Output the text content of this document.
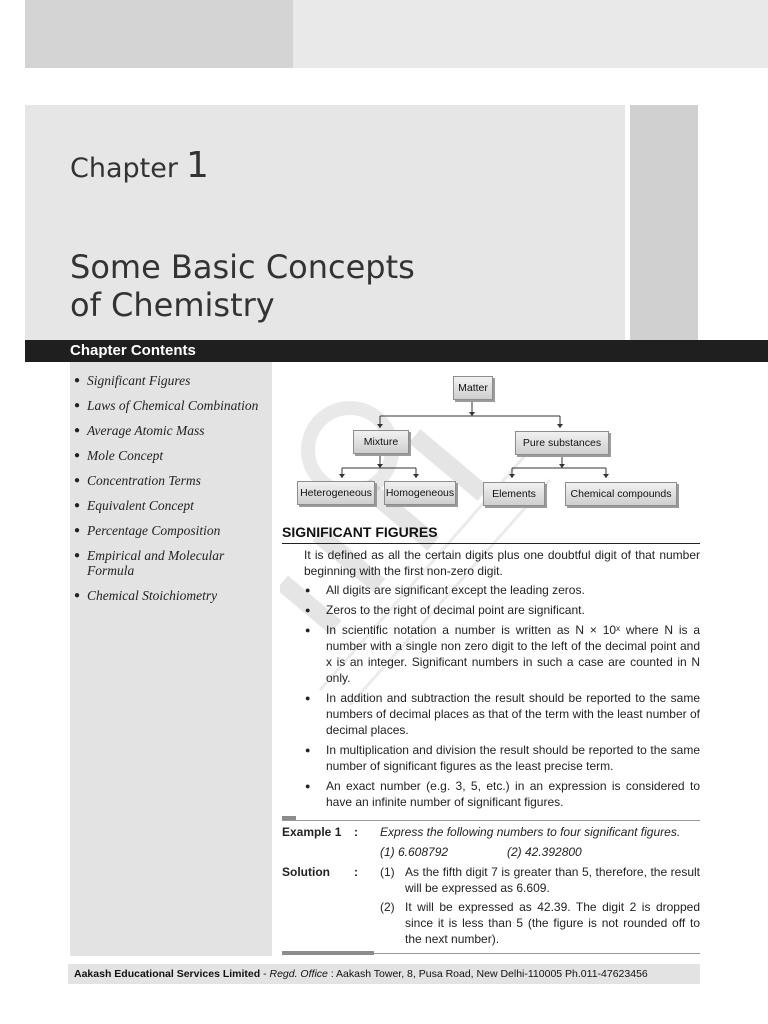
Chapter 1
Some Basic Concepts
of Chemistry
Chapter Contents
● Significant Figures
● Laws of Chemical Combination
● Average Atomic Mass
● Mole Concept
● Concentration Terms
● Equivalent Concept
● Percentage Composition
● Empirical and Molecular Formula
● Chemical Stoichiometry
Matter
Mixture	Pure substances
Heterogeneous Homogeneous	Elements	Chemical compounds
SIGNIFICANT FIGURES
It is defined as all the certain digits plus one doubtful digit of that number beginning with the first non-zero digit.
●	All digits are significant except the leading zeros.
●	Zeros to the right of decimal point are significant.
●	In scientific notation a number is written as N × 10ˣ where N is a number with a single non zero digit to the left of the decimal point and x is an integer. Significant numbers in such a case are counted in N only.
●	In addition and subtraction the result should be reported to the same numbers of decimal places as that of the term with the least number of decimal places.
●	In multiplication and division the result should be reported to the same number of significant figures as the least precise term.
●	An exact number (e.g. 3, 5, etc.) in an expression is considered to have an infinite number of significant figures.
Example 1 : Express the following numbers to four significant figures.
(1) 6.608792	(2) 42.392800
Solution : (1) As the fifth digit 7 is greater than 5, therefore, the result will be expressed as 6.609.
(2) It will be expressed as 42.39. The digit 2 is dropped since it is less than 5 (the figure is not rounded off to the next number).
Aakash Educational Services Limited - Regd. Office : Aakash Tower, 8, Pusa Road, New Delhi-110005 Ph.011-47623456
